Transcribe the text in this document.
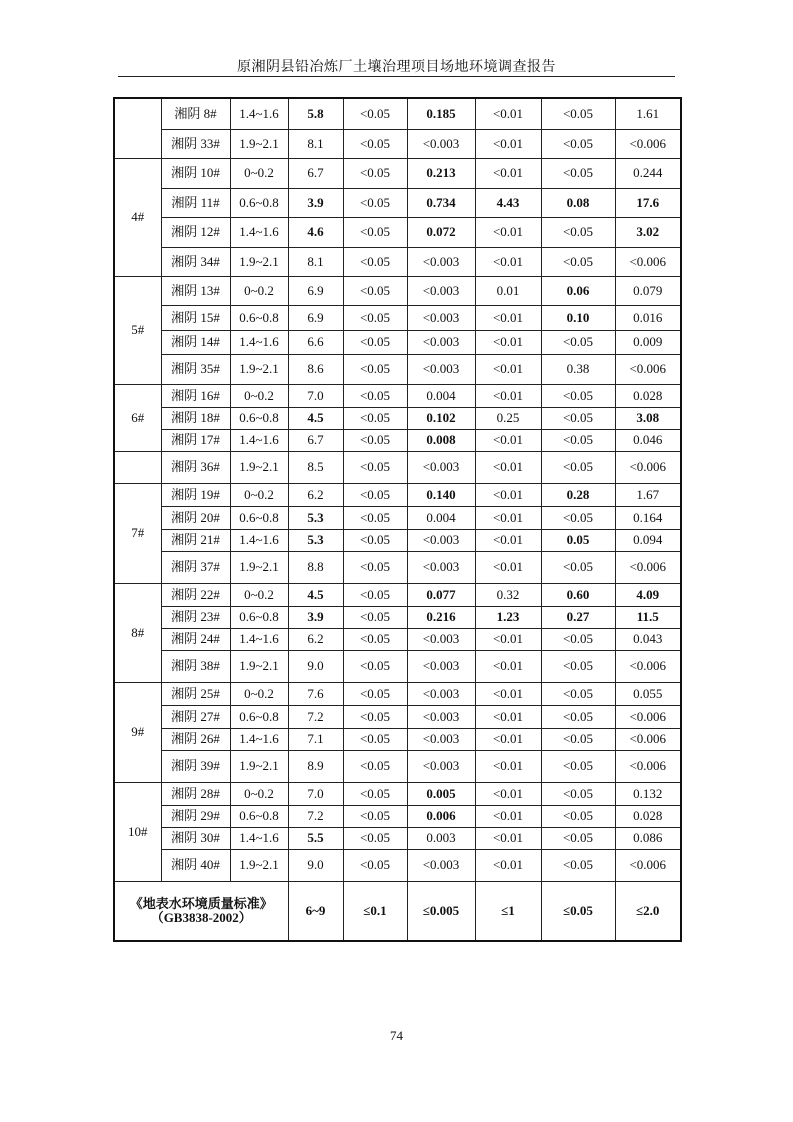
原湘阴县铅冶炼厂土壤治理项目场地环境调查报告
	湘阴 8#	1.4~1.6	5.8	<0.05	0.185	<0.01	<0.05	1.61
	湘阴 33#	1.9~2.1	8.1	<0.05	<0.003	<0.01	<0.05	<0.006
4#	湘阴 10#	0~0.2	6.7	<0.05	0.213	<0.01	<0.05	0.244
	湘阴 11#	0.6~0.8	3.9	<0.05	0.734	4.43	0.08	17.6
	湘阴 12#	1.4~1.6	4.6	<0.05	0.072	<0.01	<0.05	3.02
	湘阴 34#	1.9~2.1	8.1	<0.05	<0.003	<0.01	<0.05	<0.006
5#	湘阴 13#	0~0.2	6.9	<0.05	<0.003	0.01	0.06	0.079
	湘阴 15#	0.6~0.8	6.9	<0.05	<0.003	<0.01	0.10	0.016
	湘阴 14#	1.4~1.6	6.6	<0.05	<0.003	<0.01	<0.05	0.009
	湘阴 35#	1.9~2.1	8.6	<0.05	<0.003	<0.01	0.38	<0.006
6#	湘阴 16#	0~0.2	7.0	<0.05	0.004	<0.01	<0.05	0.028
	湘阴 18#	0.6~0.8	4.5	<0.05	0.102	0.25	<0.05	3.08
	湘阴 17#	1.4~1.6	6.7	<0.05	0.008	<0.01	<0.05	0.046
	湘阴 36#	1.9~2.1	8.5	<0.05	<0.003	<0.01	<0.05	<0.006
7#	湘阴 19#	0~0.2	6.2	<0.05	0.140	<0.01	0.28	1.67
	湘阴 20#	0.6~0.8	5.3	<0.05	0.004	<0.01	<0.05	0.164
	湘阴 21#	1.4~1.6	5.3	<0.05	<0.003	<0.01	0.05	0.094
	湘阴 37#	1.9~2.1	8.8	<0.05	<0.003	<0.01	<0.05	<0.006
8#	湘阴 22#	0~0.2	4.5	<0.05	0.077	0.32	0.60	4.09
	湘阴 23#	0.6~0.8	3.9	<0.05	0.216	1.23	0.27	11.5
	湘阴 24#	1.4~1.6	6.2	<0.05	<0.003	<0.01	<0.05	0.043
	湘阴 38#	1.9~2.1	9.0	<0.05	<0.003	<0.01	<0.05	<0.006
9#	湘阴 25#	0~0.2	7.6	<0.05	<0.003	<0.01	<0.05	0.055
	湘阴 27#	0.6~0.8	7.2	<0.05	<0.003	<0.01	<0.05	<0.006
	湘阴 26#	1.4~1.6	7.1	<0.05	<0.003	<0.01	<0.05	<0.006
	湘阴 39#	1.9~2.1	8.9	<0.05	<0.003	<0.01	<0.05	<0.006
10#	湘阴 28#	0~0.2	7.0	<0.05	0.005	<0.01	<0.05	0.132
	湘阴 29#	0.6~0.8	7.2	<0.05	0.006	<0.01	<0.05	0.028
	湘阴 30#	1.4~1.6	5.5	<0.05	0.003	<0.01	<0.05	0.086
	湘阴 40#	1.9~2.1	9.0	<0.05	<0.003	<0.01	<0.05	<0.006

《地表水环境质量标准》
（GB3838-2002）			6~9	≤0.1	≤0.005	≤1	≤0.05	≤2.0
74
